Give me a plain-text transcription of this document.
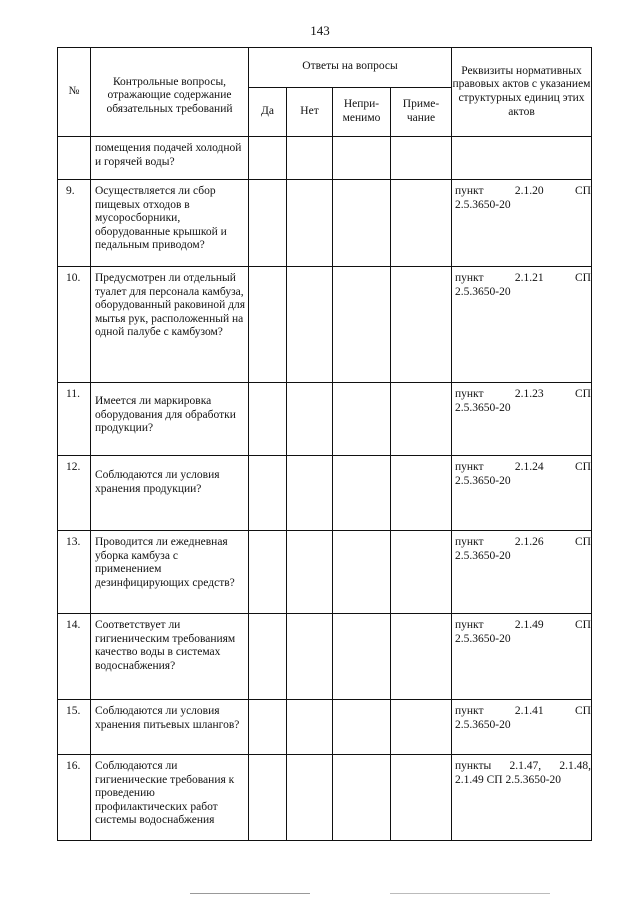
143
№	Контрольные вопросы, отражающие содержание обязательных требований	Ответы на вопросы				Реквизиты нормативных правовых актов с указанием структурных единиц этих актов
		Да	Нет	Непри-менимо	Приме-чание	
	помещения подачей холодной и горячей воды?					
9.	Осуществляется ли сбор пищевых отходов в мусоросборники, оборудованные крышкой и педальным приводом?					пункт 2.1.20 СП
2.5.3650-20

10.	Предусмотрен ли отдельный туалет для персонала камбуза, оборудованный раковиной для мытья рук, расположенный на одной палубе с камбузом?					пункт 2.1.21 СП
2.5.3650-20

11.	Имеется ли маркировка оборудования для обработки продукции?					пункт 2.1.23 СП
2.5.3650-20

12.	Соблюдаются ли условия хранения продукции?					пункт 2.1.24 СП
2.5.3650-20

13.	Проводится ли ежедневная уборка камбуза с применением дезинфицирующих средств?					пункт 2.1.26 СП
2.5.3650-20

14.	Соответствует ли гигиеническим требованиям качество воды в системах водоснабжения?					пункт 2.1.49 СП
2.5.3650-20

15.	Соблюдаются ли условия хранения питьевых шлангов?					пункт 2.1.41 СП
2.5.3650-20

16.	Соблюдаются ли гигиенические требования к проведению профилактических работ системы водоснабжения					пункты 2.1.47, 2.1.48,
2.1.49 СП 2.5.3650-20
